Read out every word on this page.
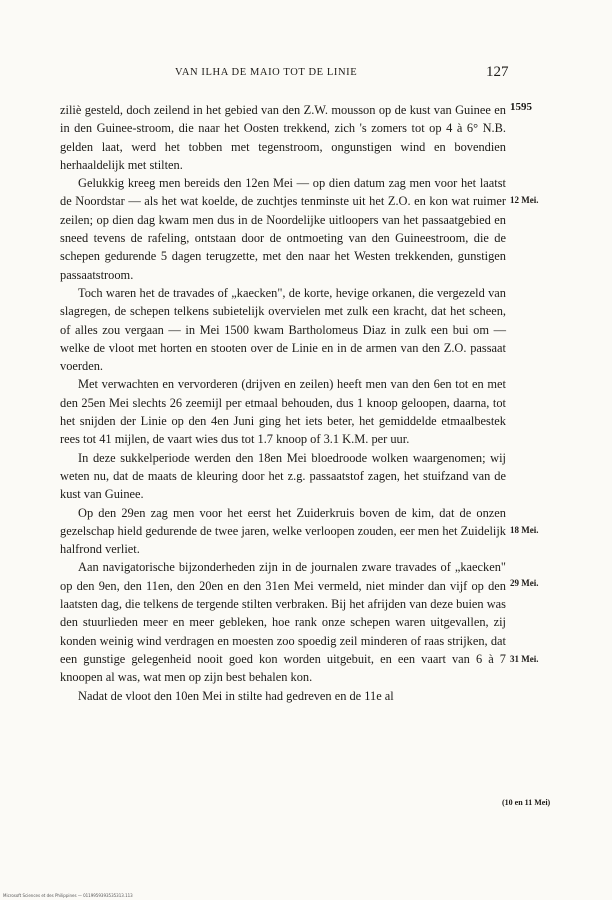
VAN ILHA DE MAIO TOT DE LINIE	127

ziliè gesteld, doch zeilend in het gebied van den Z.W. mousson op de kust van Guinee en in den Guinee-stroom, die naar het Oosten trekkend, zich 's zomers tot op 4 à 6° N.B. gelden laat, werd het tobben met tegenstroom, ongunstigen wind en bovendien herhaaldelijk met stilten.

Gelukkig kreeg men bereids den 12en Mei — op dien datum zag men voor het laatst de Noordstar — als het wat koelde, de zuchtjes tenminste uit het Z.O. en kon wat ruimer zeilen; op dien dag kwam men dus in de Noordelijke uitloopers van het passaatgebied en sneed tevens de rafeling, ontstaan door de ontmoeting van den Guineestroom, die de schepen gedurende 5 dagen terugzette, met den naar het Westen trekkenden, gunstigen passaatstroom.

Toch waren het de travades of „kaecken", de korte, hevige orkanen, die vergezeld van slagregen, de schepen telkens subietelijk overvielen met zulk een kracht, dat het scheen, of alles zou vergaan — in Mei 1500 kwam Bartholomeus Diaz in zulk een bui om — welke de vloot met horten en stooten over de Linie en in de armen van den Z.O. passaat voerden.

Met verwachten en vervorderen (drijven en zeilen) heeft men van den 6en tot en met den 25en Mei slechts 26 zeemijl per etmaal behouden, dus 1 knoop geloopen, daarna, tot het snijden der Linie op den 4en Juni ging het iets beter, het gemiddelde etmaalbestek rees tot 41 mijlen, de vaart wies dus tot 1.7 knoop of 3.1 K.M. per uur.

In deze sukkelperiode werden den 18en Mei bloedroode wolken waargenomen; wij weten nu, dat de maats de kleuring door het z.g. passaatstof zagen, het stuifzand van de kust van Guinee.

Op den 29en zag men voor het eerst het Zuiderkruis boven de kim, dat de onzen gezelschap hield gedurende de twee jaren, welke verloopen zouden, eer men het Zuidelijk halfrond verliet.

Aan navigatorische bijzonderheden zijn in de journalen zware travades of „kaecken" op den 9en, den 11en, den 20en en den 31en Mei vermeld, niet minder dan vijf op den laatsten dag, die telkens de tergende stilten verbraken. Bij het afrijden van deze buien was den stuurlieden meer en meer gebleken, hoe rank onze schepen waren uitgevallen, zij konden weinig wind verdragen en moesten zoo spoedig zeil minderen of raas strijken, dat een gunstige gelegenheid nooit goed kon worden uitgebuit, en een vaart van 6 à 7 knoopen al was, wat men op zijn best behalen kon.

Nadat de vloot den 10en Mei in stilte had gedreven en de 11e al

1595
12 Mei.
18 Mei.
29 Mei.
31 Mei.
(10 en 11 Mei)
Microsoft Sciences et des Philippines — 0119959393535313.113
